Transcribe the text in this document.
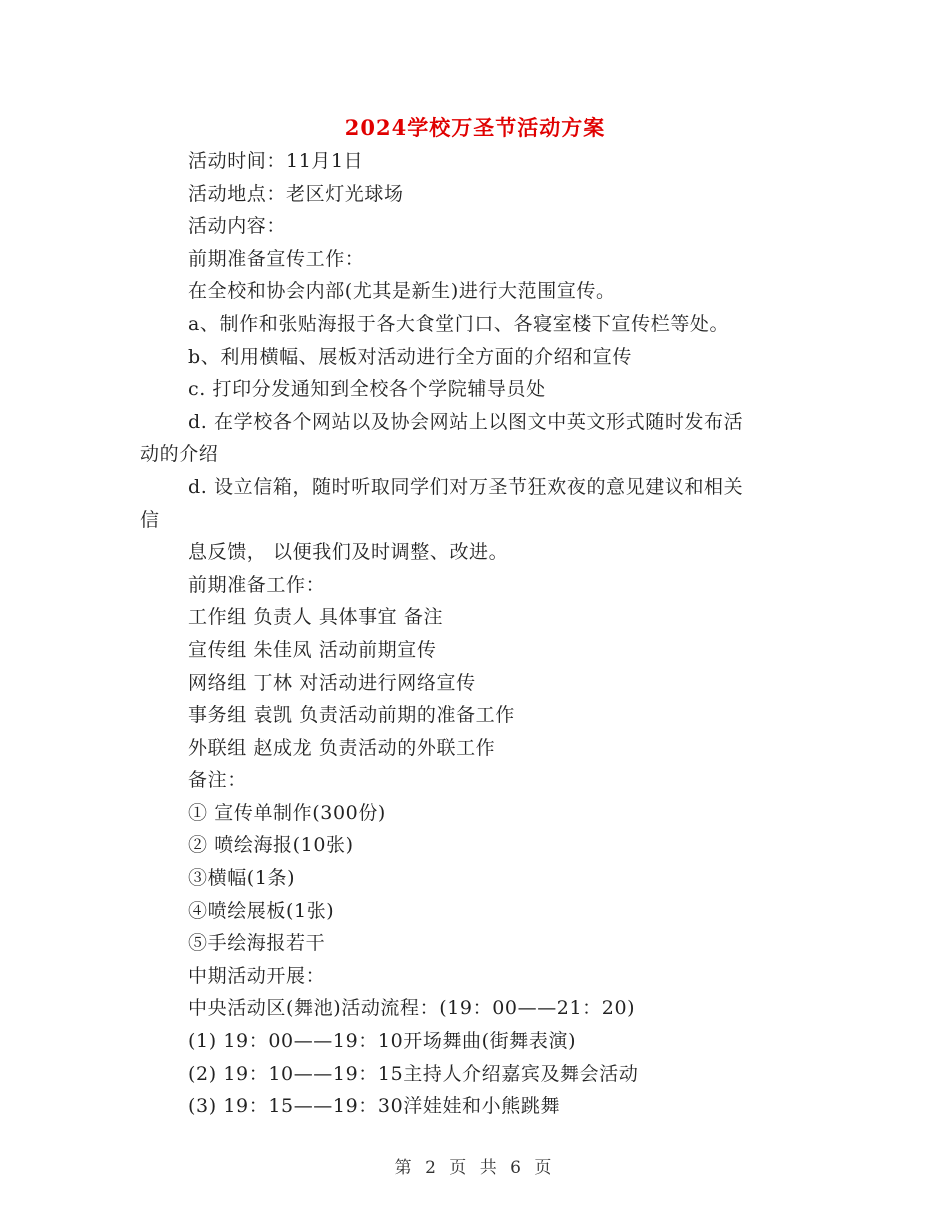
2024学校万圣节活动方案
活动时间：11月1日
活动地点：老区灯光球场
活动内容：
前期准备宣传工作：
在全校和协会内部(尤其是新生)进行大范围宣传。
a、制作和张贴海报于各大食堂门口、各寝室楼下宣传栏等处。
b、利用横幅、展板对活动进行全方面的介绍和宣传
c. 打印分发通知到全校各个学院辅导员处
d. 在学校各个网站以及协会网站上以图文中英文形式随时发布活
动的介绍
d. 设立信箱，随时听取同学们对万圣节狂欢夜的意见建议和相关
信
息反馈， 以便我们及时调整、改进。
前期准备工作：
工作组 负责人 具体事宜 备注
宣传组 朱佳凤 活动前期宣传
网络组 丁林 对活动进行网络宣传
事务组 袁凯 负责活动前期的准备工作
外联组 赵成龙 负责活动的外联工作
备注：
① 宣传单制作(300份)
② 喷绘海报(10张)
③横幅(1条)
④喷绘展板(1张)
⑤手绘海报若干
中期活动开展：
中央活动区(舞池)活动流程：(19：00——21：20)
(1) 19：00——19：10开场舞曲(街舞表演)
(2) 19：10——19：15主持人介绍嘉宾及舞会活动
(3) 19：15——19：30洋娃娃和小熊跳舞
第 2 页 共 6 页
